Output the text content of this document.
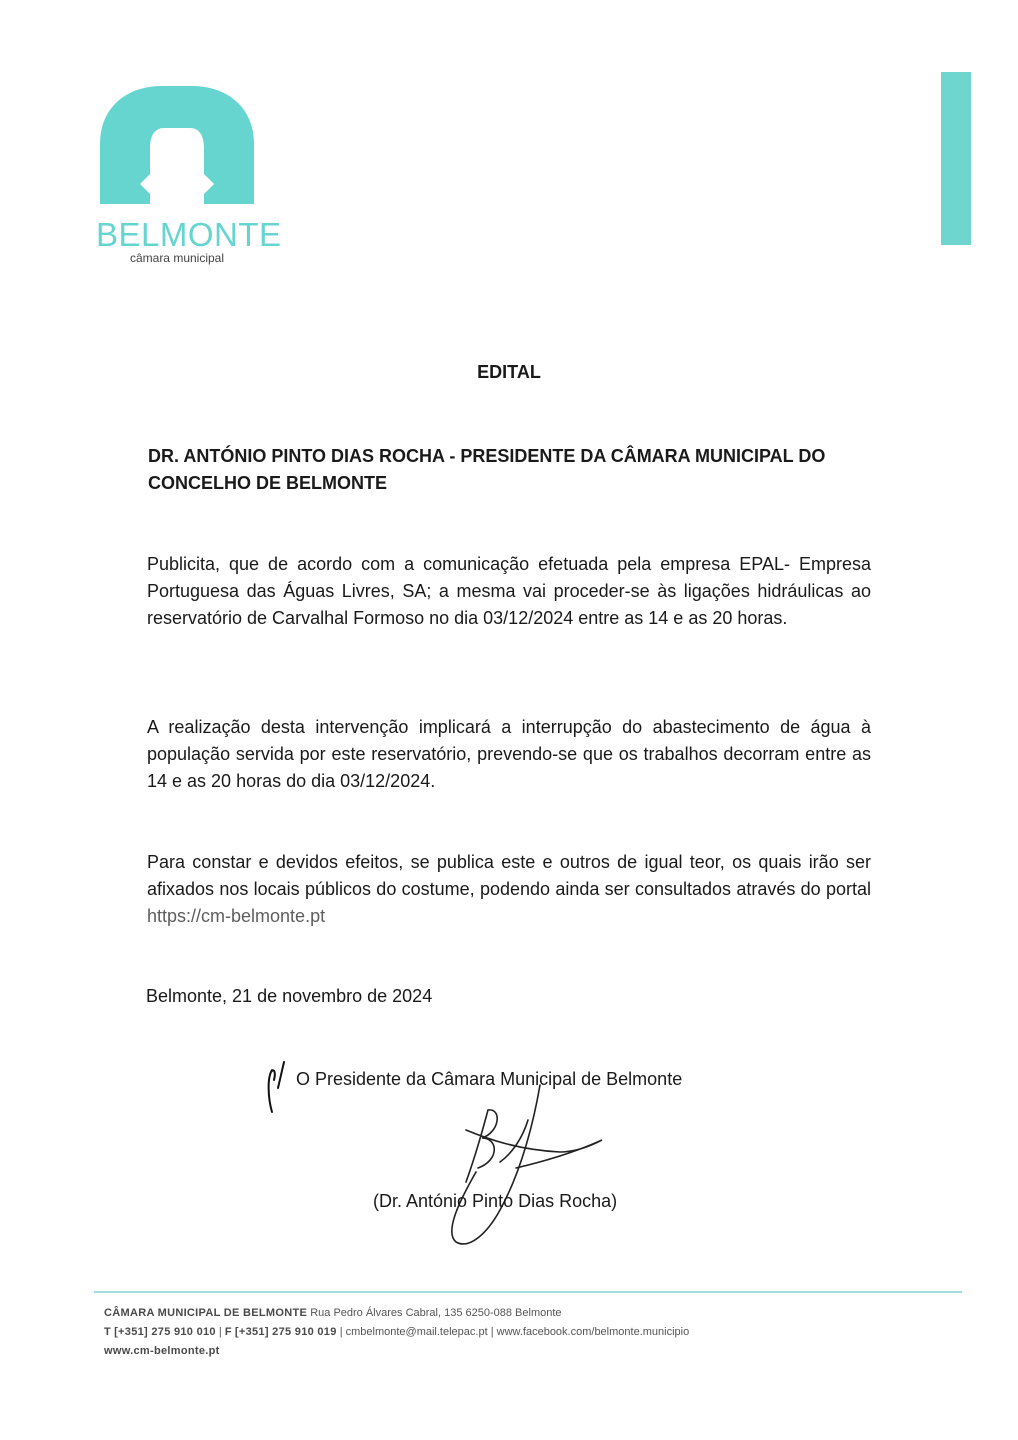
BELMONTE
câmara municipal
EDITAL
DR. ANTÓNIO PINTO DIAS ROCHA - PRESIDENTE DA CÂMARA MUNICIPAL DO CONCELHO DE BELMONTE
Publicita, que de acordo com a comunicação efetuada pela empresa EPAL- Empresa Portuguesa das Águas Livres, SA; a mesma vai proceder-se às ligações hidráulicas ao reservatório de Carvalhal Formoso no dia 03/12/2024 entre as 14 e as 20 horas.
A realização desta intervenção implicará a interrupção do abastecimento de água à população servida por este reservatório, prevendo-se que os trabalhos decorram entre as 14 e as 20 horas do dia 03/12/2024.
Para constar e devidos efeitos, se publica este e outros de igual teor, os quais irão ser afixados nos locais públicos do costume, podendo ainda ser consultados através do portal https://cm-belmonte.pt
Belmonte, 21 de novembro de 2024
O Presidente da Câmara Municipal de Belmonte
(Dr. António Pinto Dias Rocha)
CÂMARA MUNICIPAL DE BELMONTE Rua Pedro Álvares Cabral, 135 6250-088 Belmonte
T [+351] 275 910 010 | F [+351] 275 910 019 | cmbelmonte@mail.telepac.pt | www.facebook.com/belmonte.municipio
www.cm-belmonte.pt
